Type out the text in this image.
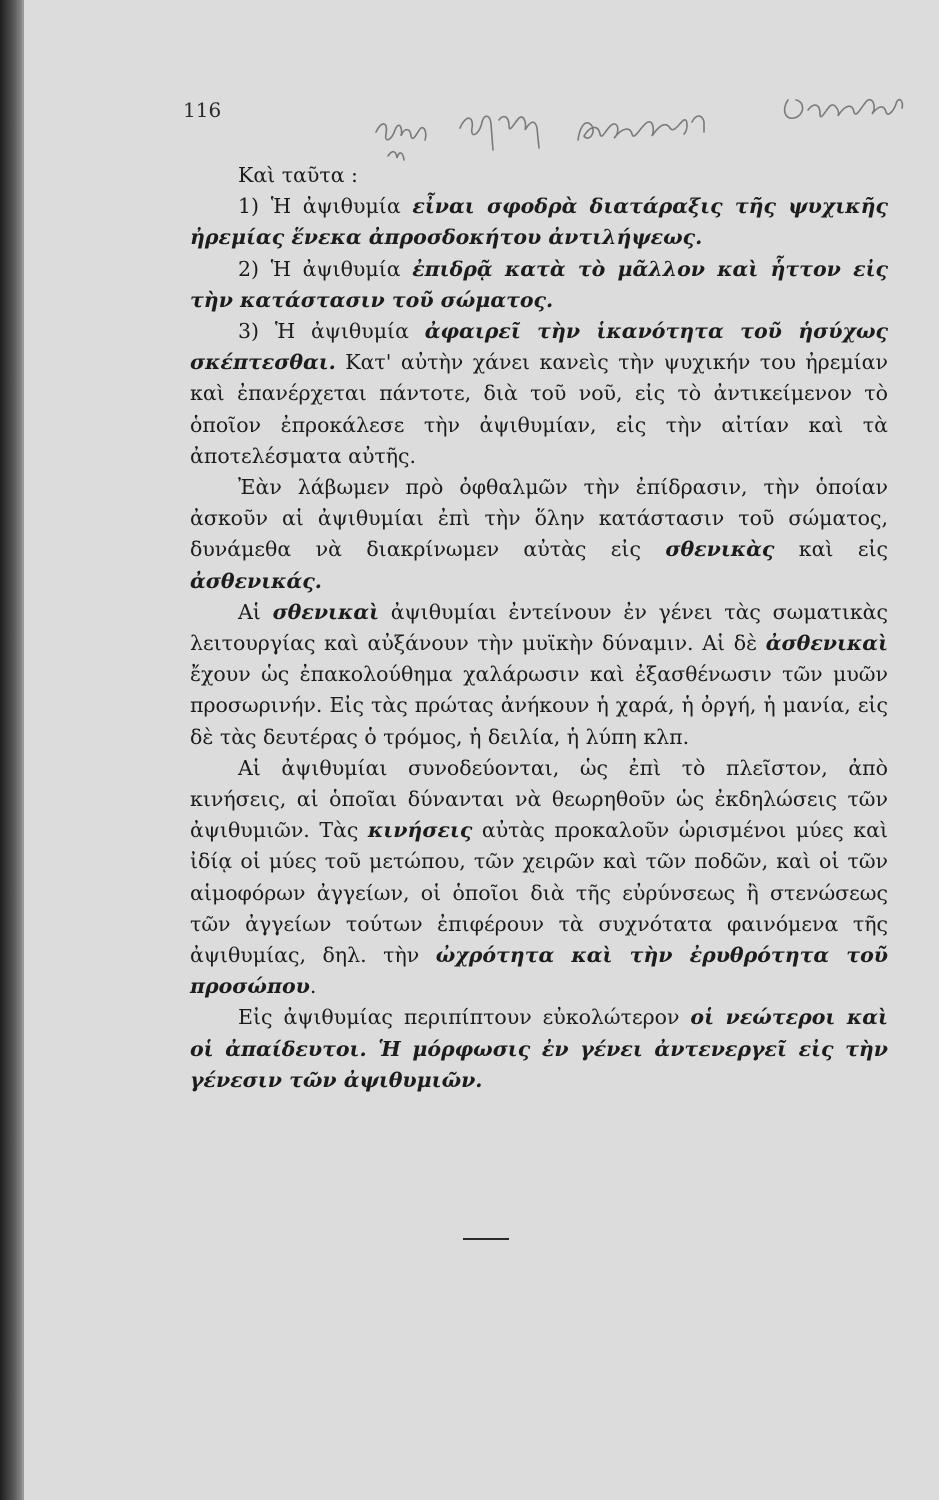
116

Καὶ ταῦτα :

1) Ἡ ἀψιθυμία εἶναι σφοδρὰ διατάραξις τῆς ψυχικῆς ἠρεμίας ἕνεκα ἀπροσδοκήτου ἀντιλήψεως.

2) Ἡ ἀψιθυμία ἐπιδρᾷ κατὰ τὸ μᾶλλον καὶ ἧττον εἰς τὴν κατάστασιν τοῦ σώματος.

3) Ἡ ἀψιθυμία ἀφαιρεῖ τὴν ἱκανότητα τοῦ ἡσύχως σκέπτεσθαι. Κατ' αὐτὴν χάνει κανεὶς τὴν ψυχικήν του ἠρεμίαν καὶ ἐπανέρχεται πάντοτε, διὰ τοῦ νοῦ, εἰς τὸ ἀντικείμενον τὸ ὁποῖον ἐπροκάλεσε τὴν ἀψιθυμίαν, εἰς τὴν αἰτίαν καὶ τὰ ἀποτελέσματα αὐτῆς.

Ἐὰν λάβωμεν πρὸ ὀφθαλμῶν τὴν ἐπίδρασιν, τὴν ὁποίαν ἀσκοῦν αἱ ἀψιθυμίαι ἐπὶ τὴν ὅλην κατάστασιν τοῦ σώματος, δυνάμεθα νὰ διακρίνωμεν αὐτὰς εἰς σθενικὰς καὶ εἰς ἀσθενικάς.

Αἱ σθενικαὶ ἀψιθυμίαι ἐντείνουν ἐν γένει τὰς σωματικὰς λειτουργίας καὶ αὐξάνουν τὴν μυϊκὴν δύναμιν. Αἱ δὲ ἀσθενικαὶ ἔχουν ὡς ἐπακολούθημα χαλάρωσιν καὶ ἐξασθένωσιν τῶν μυῶν προσωρινήν. Εἰς τὰς πρώτας ἀνήκουν ἡ χαρά, ἡ ὀργή, ἡ μανία, εἰς δὲ τὰς δευτέρας ὁ τρόμος, ἡ δειλία, ἡ λύπη κλπ.

Αἱ ἀψιθυμίαι συνοδεύονται, ὡς ἐπὶ τὸ πλεῖστον, ἀπὸ κινήσεις, αἱ ὁποῖαι δύνανται νὰ θεωρηθοῦν ὡς ἐκδηλώσεις τῶν ἀψιθυμιῶν. Τὰς κινήσεις αὐτὰς προκαλοῦν ὡρισμένοι μύες καὶ ἰδίᾳ οἱ μύες τοῦ μετώπου, τῶν χειρῶν καὶ τῶν ποδῶν, καὶ οἱ τῶν αἱμοφόρων ἀγγείων, οἱ ὁποῖοι διὰ τῆς εὐρύνσεως ἢ στενώσεως τῶν ἀγγείων τούτων ἐπιφέρουν τὰ συχνότατα φαινόμενα τῆς ἀψιθυμίας, δηλ. τὴν ὠχρότητα καὶ τὴν ἐρυθρότητα τοῦ προσώπου.

Εἰς ἀψιθυμίας περιπίπτουν εὐκολώτερον οἱ νεώτεροι καὶ οἱ ἀπαίδευτοι. Ἡ μόρφωσις ἐν γένει ἀντενεργεῖ εἰς τὴν γένεσιν τῶν ἀψιθυμιῶν.
